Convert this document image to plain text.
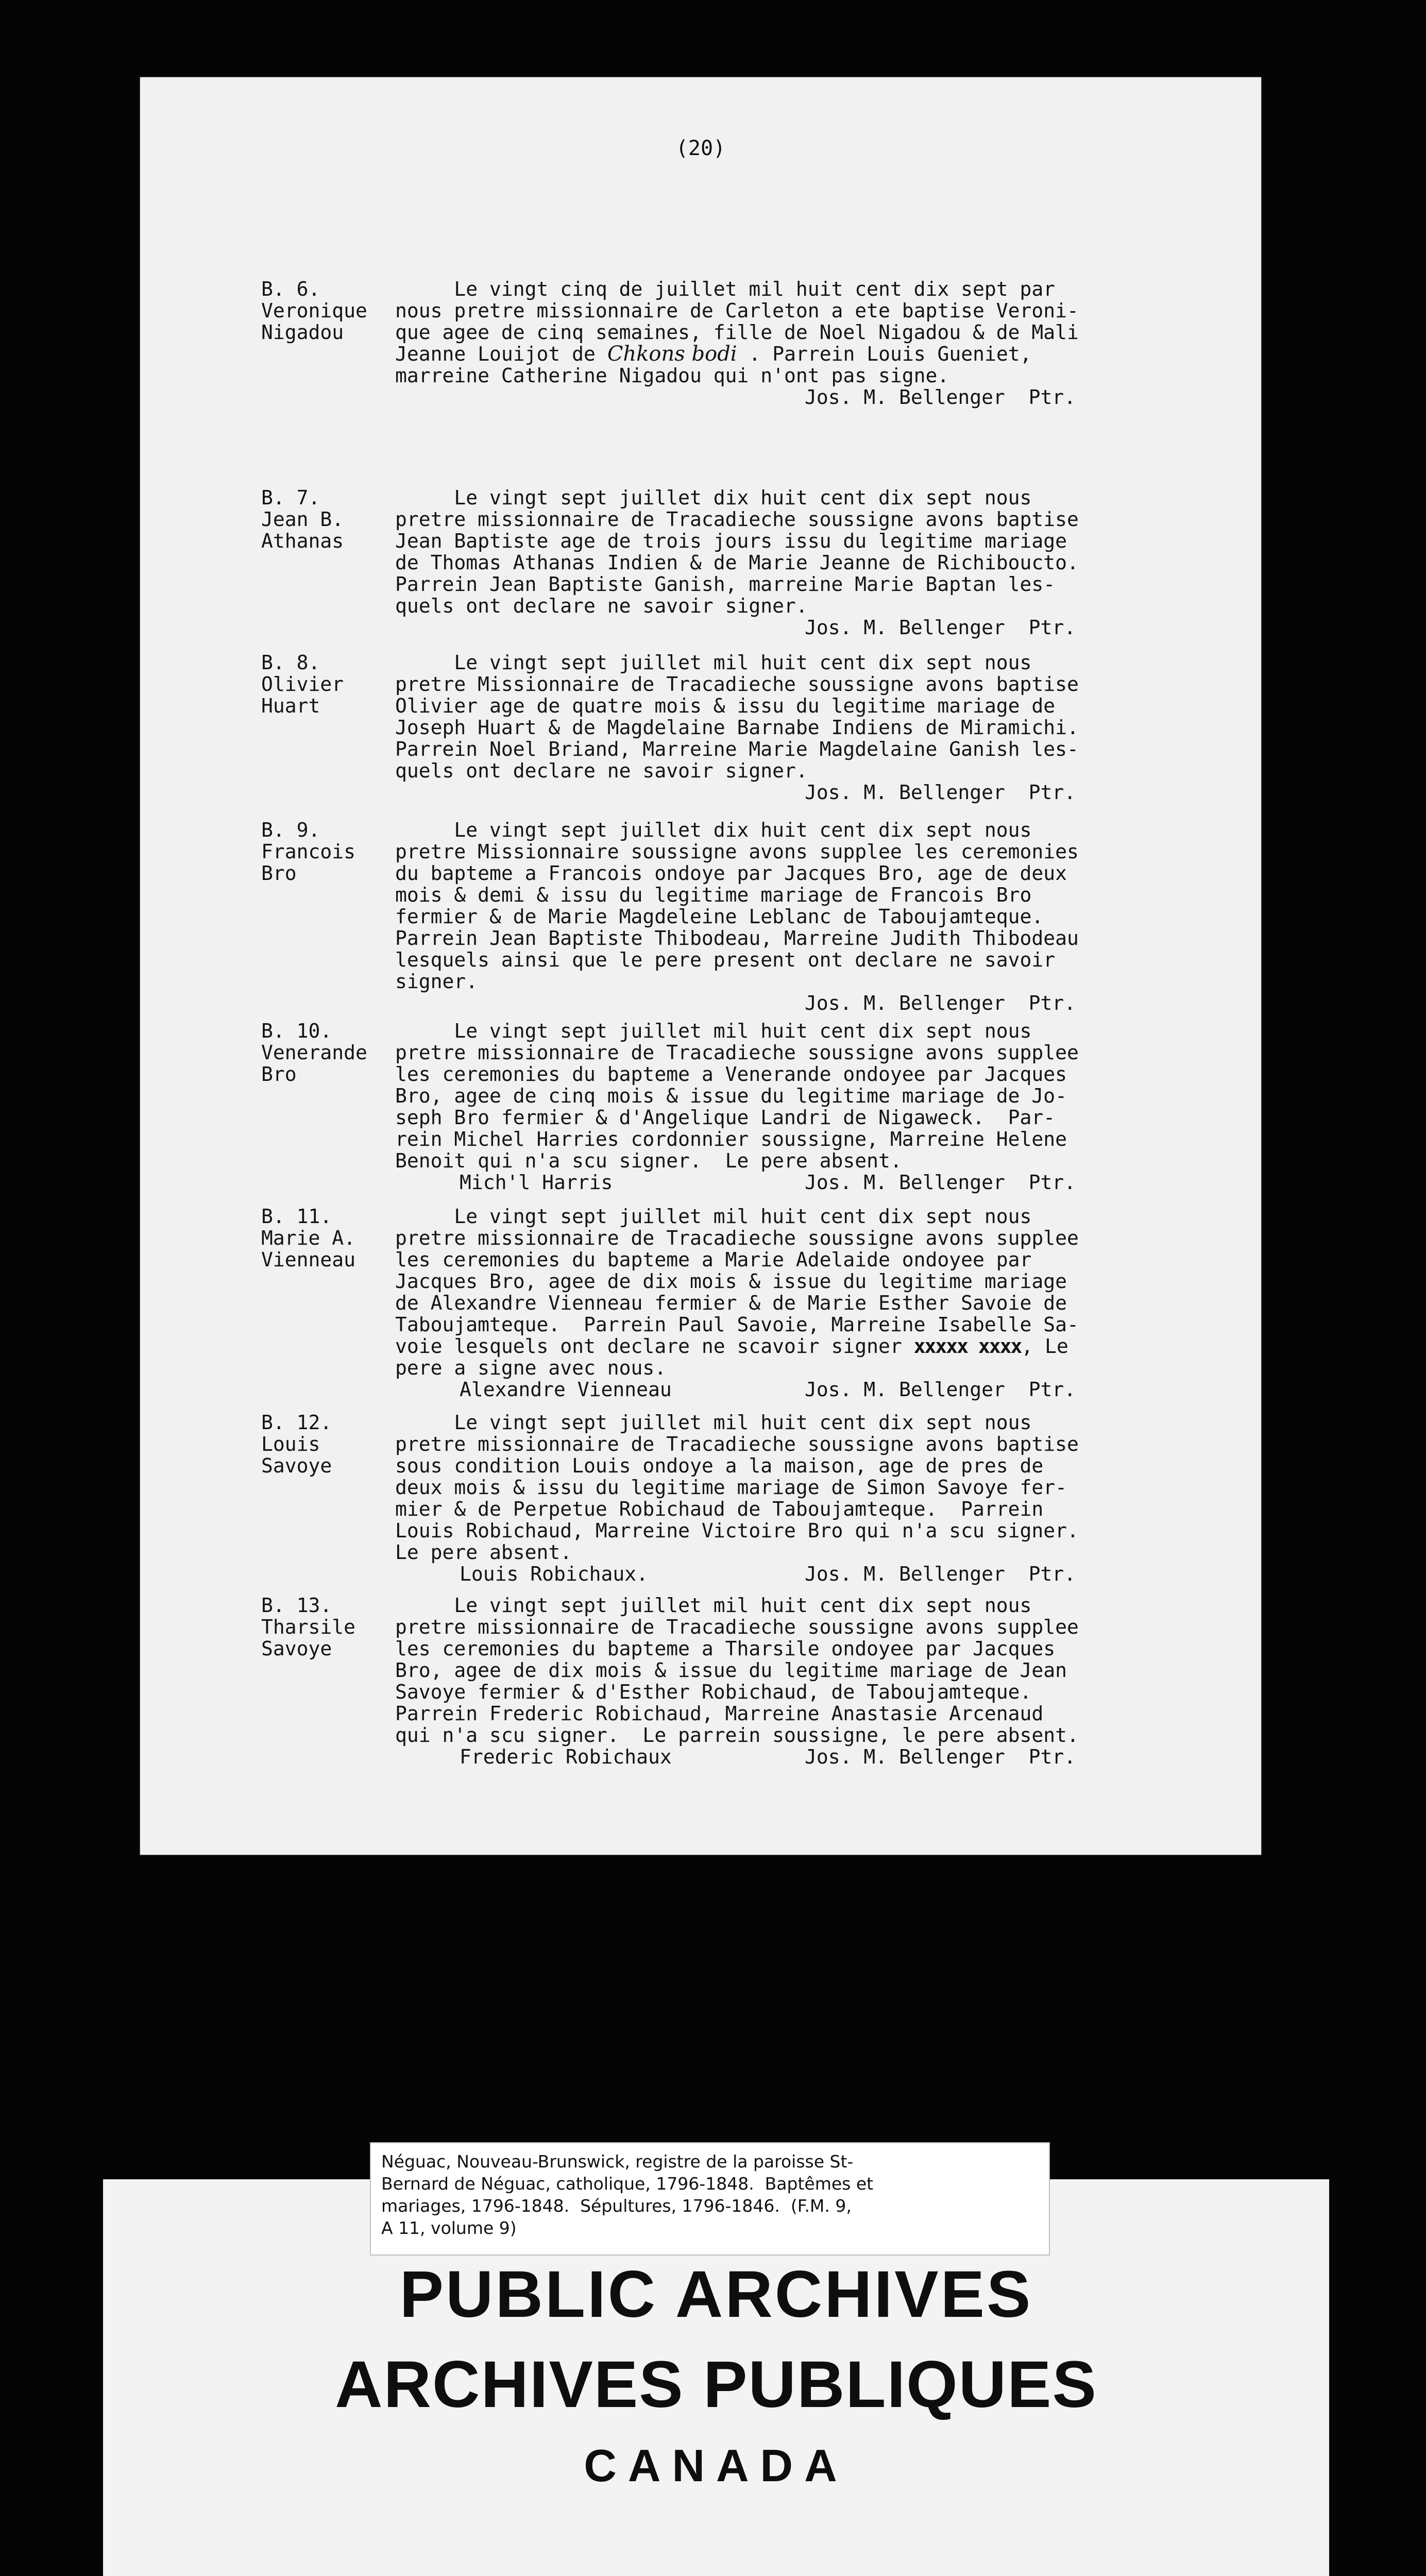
(20)
B. 6.
Veronique
Nigadou
Le vingt cinq de juillet mil huit cent dix sept par
nous pretre missionnaire de Carleton a ete baptise Veroni-
que agee de cinq semaines, fille de Noel Nigadou & de Mali
Jeanne Louijot de Chkons bodi . Parrein Louis Gueniet,
marreine Catherine Nigadou qui n'ont pas signe.
Jos. M. Bellenger  Ptr.
B. 7.
Jean B.
Athanas
Le vingt sept juillet dix huit cent dix sept nous
pretre missionnaire de Tracadieche soussigne avons baptise
Jean Baptiste age de trois jours issu du legitime mariage
de Thomas Athanas Indien & de Marie Jeanne de Richiboucto.
Parrein Jean Baptiste Ganish, marreine Marie Baptan les-
quels ont declare ne savoir signer.
Jos. M. Bellenger  Ptr.
B. 8.
Olivier
Huart
Le vingt sept juillet mil huit cent dix sept nous
pretre Missionnaire de Tracadieche soussigne avons baptise
Olivier age de quatre mois & issu du legitime mariage de
Joseph Huart & de Magdelaine Barnabe Indiens de Miramichi.
Parrein Noel Briand, Marreine Marie Magdelaine Ganish les-
quels ont declare ne savoir signer.
Jos. M. Bellenger  Ptr.
B. 9.
Francois
Bro
Le vingt sept juillet dix huit cent dix sept nous
pretre Missionnaire soussigne avons supplee les ceremonies
du bapteme a Francois ondoye par Jacques Bro, age de deux
mois & demi & issu du legitime mariage de Francois Bro
fermier & de Marie Magdeleine Leblanc de Taboujamteque.
Parrein Jean Baptiste Thibodeau, Marreine Judith Thibodeau
lesquels ainsi que le pere present ont declare ne savoir
signer.
Jos. M. Bellenger  Ptr.
B. 10.
Venerande
Bro
Le vingt sept juillet mil huit cent dix sept nous
pretre missionnaire de Tracadieche soussigne avons supplee
les ceremonies du bapteme a Venerande ondoyee par Jacques
Bro, agee de cinq mois & issue du legitime mariage de Jo-
seph Bro fermier & d'Angelique Landri de Nigaweck.  Par-
rein Michel Harries cordonnier soussigne, Marreine Helene
Benoit qui n'a scu signer.  Le pere absent.
Mich'l Harris	Jos. M. Bellenger  Ptr.
B. 11.
Marie A.
Vienneau
Le vingt sept juillet mil huit cent dix sept nous
pretre missionnaire de Tracadieche soussigne avons supplee
les ceremonies du bapteme a Marie Adelaide ondoyee par
Jacques Bro, agee de dix mois & issue du legitime mariage
de Alexandre Vienneau fermier & de Marie Esther Savoie de
Taboujamteque.  Parrein Paul Savoie, Marreine Isabelle Sa-
voie lesquels ont declare ne scavoir signer xxxxx xxxx, Le
pere a signe avec nous.
Alexandre Vienneau	Jos. M. Bellenger  Ptr.
B. 12.
Louis
Savoye
Le vingt sept juillet mil huit cent dix sept nous
pretre missionnaire de Tracadieche soussigne avons baptise
sous condition Louis ondoye a la maison, age de pres de
deux mois & issu du legitime mariage de Simon Savoye fer-
mier & de Perpetue Robichaud de Taboujamteque.  Parrein
Louis Robichaud, Marreine Victoire Bro qui n'a scu signer.
Le pere absent.
Louis Robichaux.	Jos. M. Bellenger  Ptr.
B. 13.
Tharsile
Savoye
Le vingt sept juillet mil huit cent dix sept nous
pretre missionnaire de Tracadieche soussigne avons supplee
les ceremonies du bapteme a Tharsile ondoyee par Jacques
Bro, agee de dix mois & issue du legitime mariage de Jean
Savoye fermier & d'Esther Robichaud, de Taboujamteque.
Parrein Frederic Robichaud, Marreine Anastasie Arcenaud
qui n'a scu signer.  Le parrein soussigne, le pere absent.
Frederic Robichaux	Jos. M. Bellenger  Ptr.
Néguac, Nouveau-Brunswick, registre de la paroisse St-
Bernard de Néguac, catholique, 1796-1848.  Baptêmes et
mariages, 1796-1848.  Sépultures, 1796-1846.  (F.M. 9,
A 11, volume 9)
PUBLIC ARCHIVES
ARCHIVES PUBLIQUES
CANADA
